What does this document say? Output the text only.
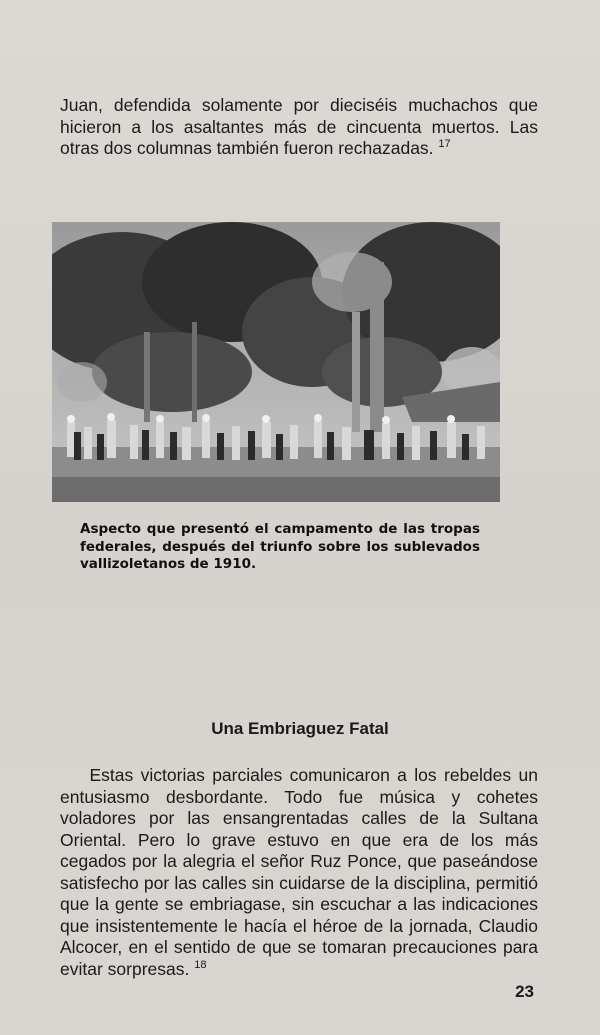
Juan, defendida solamente por dieciséis muchachos que hicieron a los asaltantes más de cincuenta muertos. Las otras dos columnas también fueron rechazadas. $^{17}$

Aspecto que presentó el campamento de las tropas federales, después del triunfo sobre los sublevados vallizoletanos de 1910.

Una Embriaguez Fatal

Estas victorias parciales comunicaron a los rebeldes un entusiasmo desbordante. Todo fue música y cohetes voladores por las ensangrentadas calles de la Sultana Oriental. Pero lo grave estuvo en que era de los más cegados por la alegria el señor Ruz Ponce, que paseándose satisfecho por las calles sin cuidarse de la disciplina, permitió que la gente se embriagase, sin escuchar a las indicaciones que insistentemente le hacía el héroe de la jornada, Claudio Alcocer, en el sentido de que se tomaran precauciones para evitar sorpresas. $^{18}$

23
